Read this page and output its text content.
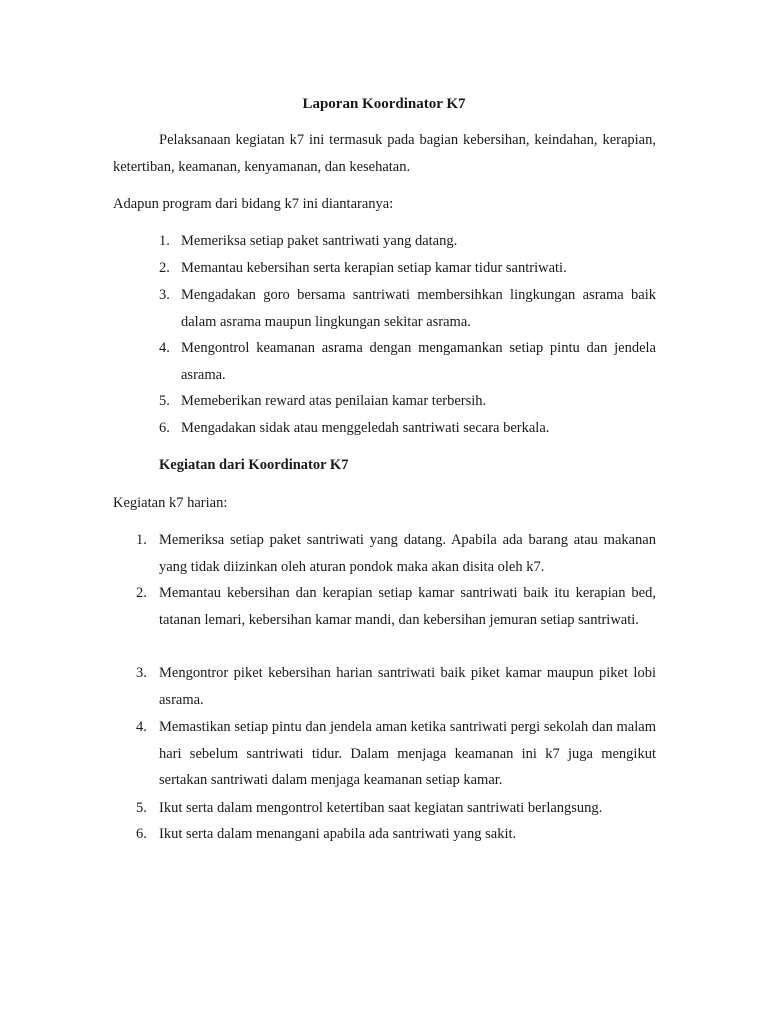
Laporan Koordinator K7

Pelaksanaan kegiatan k7 ini termasuk pada bagian kebersihan, keindahan, kerapian, ketertiban, keamanan, kenyamanan, dan kesehatan.

Adapun program dari bidang k7 ini diantaranya:

1. Memeriksa setiap paket santriwati yang datang.
2. Memantau kebersihan serta kerapian setiap kamar tidur santriwati.
3. Mengadakan goro bersama santriwati membersihkan lingkungan asrama baik dalam asrama maupun lingkungan sekitar asrama.
4. Mengontrol keamanan asrama dengan mengamankan setiap pintu dan jendela asrama.
5. Memeberikan reward atas penilaian kamar terbersih.
6. Mengadakan sidak atau menggeledah santriwati secara berkala.

Kegiatan dari Koordinator K7

Kegiatan k7 harian:

1. Memeriksa setiap paket santriwati yang datang. Apabila ada barang atau makanan yang tidak diizinkan oleh aturan pondok maka akan disita oleh k7.
2. Memantau kebersihan dan kerapian setiap kamar santriwati baik itu kerapian bed, tatanan lemari, kebersihan kamar mandi, dan kebersihan jemuran setiap santriwati.
3. Mengontror piket kebersihan harian santriwati baik piket kamar maupun piket lobi asrama.
4. Memastikan setiap pintu dan jendela aman ketika santriwati pergi sekolah dan malam hari sebelum santriwati tidur. Dalam menjaga keamanan ini k7 juga mengikut sertakan santriwati dalam menjaga keamanan setiap kamar.
5. Ikut serta dalam mengontrol ketertiban saat kegiatan santriwati berlangsung.
6. Ikut serta dalam menangani apabila ada santriwati yang sakit.
